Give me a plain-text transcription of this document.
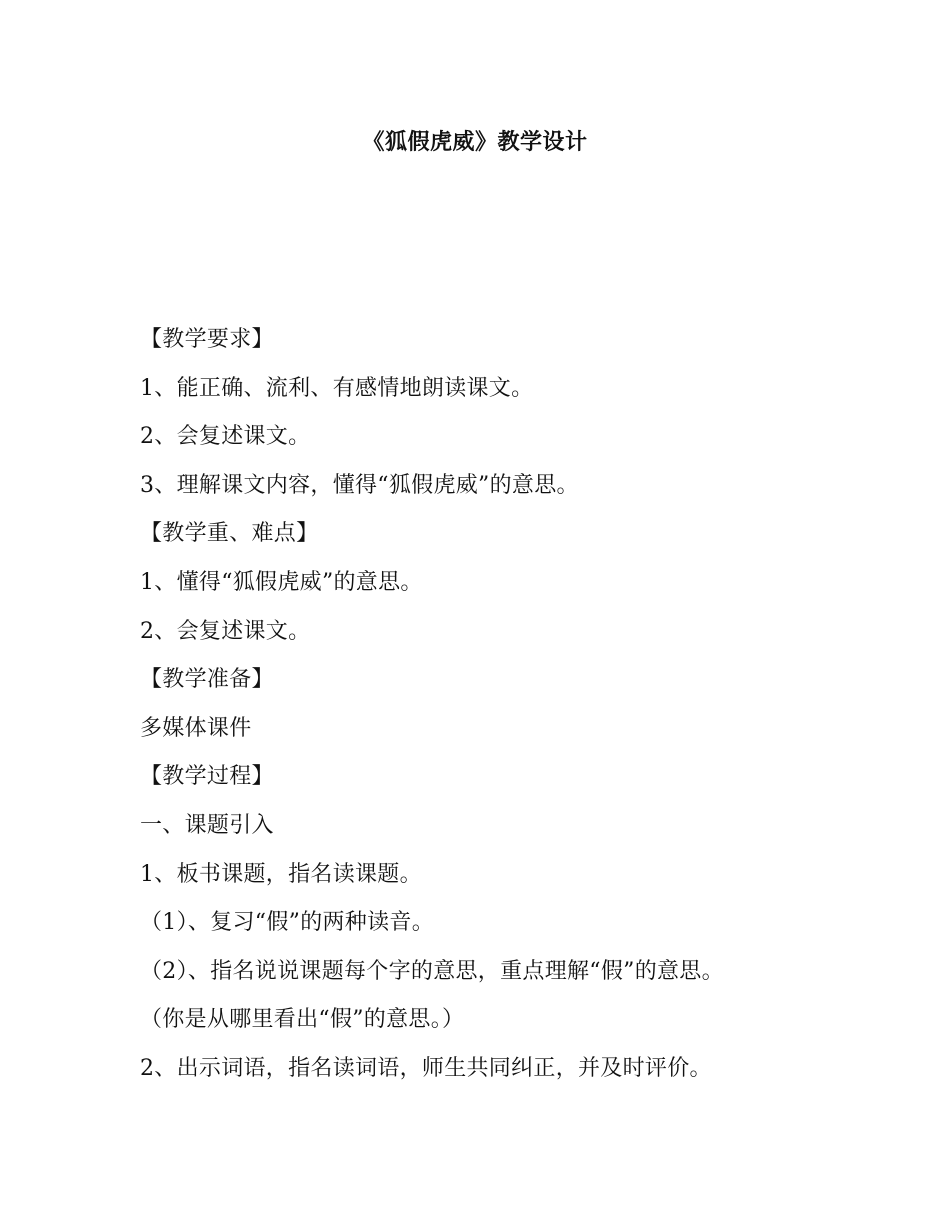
《狐假虎威》教学设计
【教学要求】
1、能正确、流利、有感情地朗读课文。
2、会复述课文。
3、理解课文内容，懂得“狐假虎威”的意思。
【教学重、难点】
1、懂得“狐假虎威”的意思。
2、会复述课文。
【教学准备】
多媒体课件
【教学过程】
一、课题引入
1、板书课题，指名读课题。
（1）、复习“假”的两种读音。
（2）、指名说说课题每个字的意思，重点理解“假”的意思。
（你是从哪里看出“假”的意思。）
2、出示词语，指名读词语，师生共同纠正，并及时评价。
